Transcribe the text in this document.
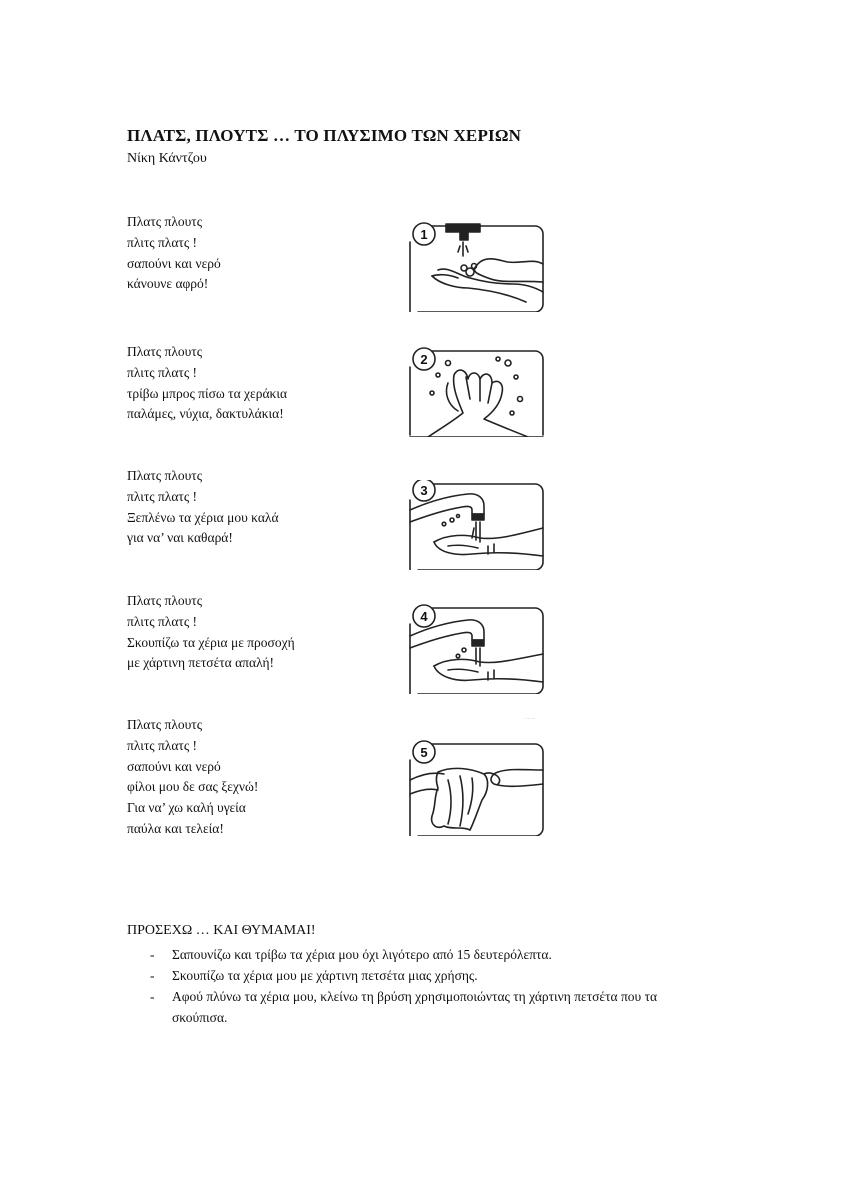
ΠΛΑΤΣ, ΠΛΟΥΤΣ … ΤΟ ΠΛΥΣΙΜΟ ΤΩΝ ΧΕΡΙΩΝ
Νίκη Κάντζου
Πλατς πλουτς
πλιτς πλατς !
σαπούνι και νερό
κάνουνε αφρό!
Πλατς πλουτς
πλιτς πλατς !
τρίβω μπρος πίσω τα χεράκια
παλάμες, νύχια, δακτυλάκια!
Πλατς πλουτς
πλιτς πλατς !
Ξεπλένω τα χέρια μου καλά
για να’ ναι καθαρά!
Πλατς πλουτς
πλιτς πλατς !
Σκουπίζω τα χέρια με προσοχή
με χάρτινη πετσέτα απαλή!
Πλατς πλουτς
πλιτς πλατς !
σαπούνι και νερό
φίλοι μου δε σας ξεχνώ!
Για να’ χω καλή υγεία
παύλα και τελεία!
1
2
3
4
.........
5
ΠΡΟΣΕΧΩ … ΚΑΙ ΘΥΜΑΜΑΙ!
-	Σαπουνίζω και τρίβω τα χέρια μου όχι λιγότερο από 15 δευτερόλεπτα.
-	Σκουπίζω τα χέρια μου με χάρτινη πετσέτα μιας χρήσης.
-	Αφού πλύνω τα χέρια μου, κλείνω τη βρύση χρησιμοποιώντας τη χάρτινη πετσέτα που τα σκούπισα.
